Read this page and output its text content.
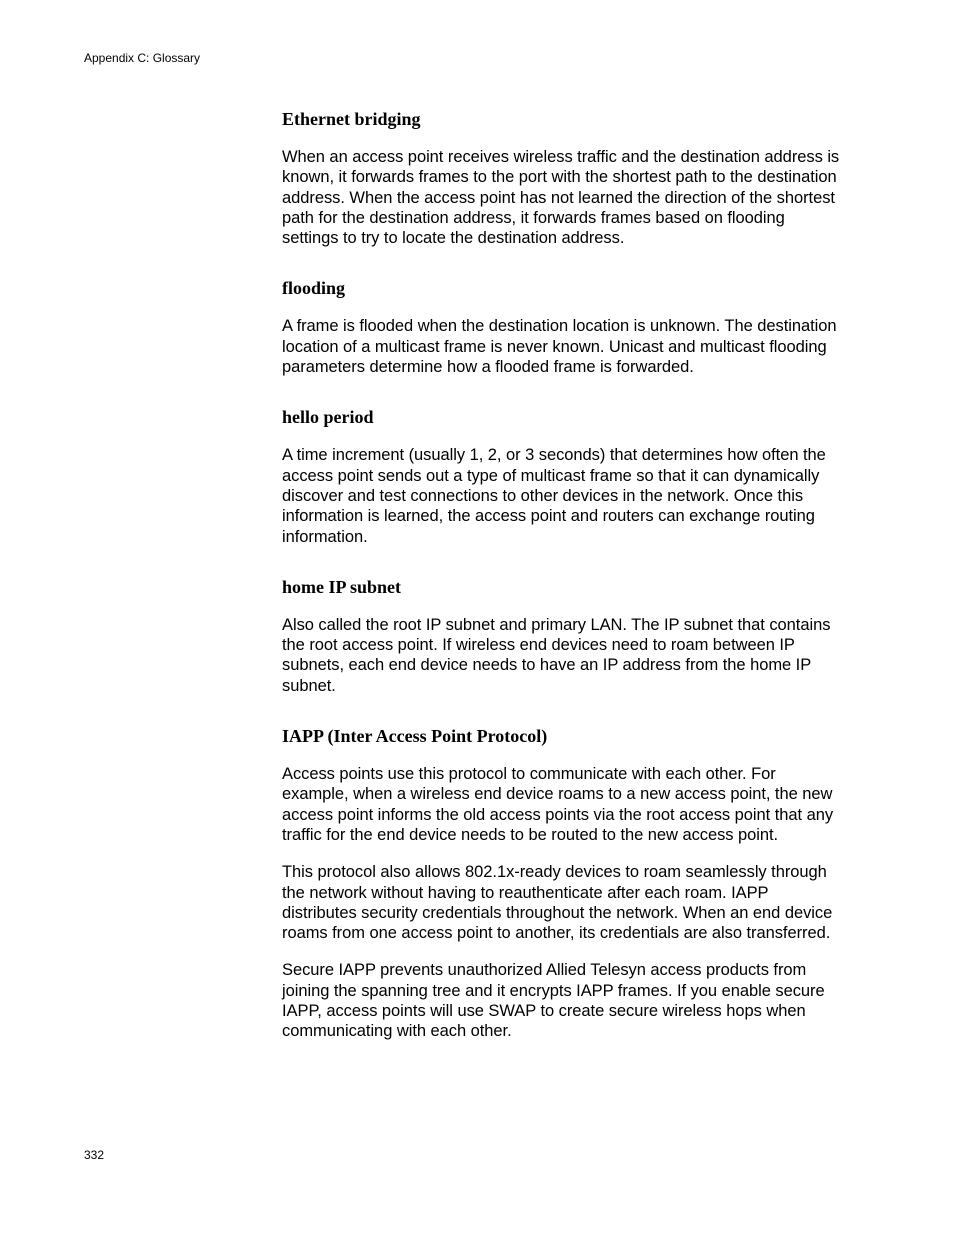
Appendix C: Glossary

Ethernet bridging

When an access point receives wireless traffic and the destination address is known, it forwards frames to the port with the shortest path to the destination address. When the access point has not learned the direction of the shortest path for the destination address, it forwards frames based on flooding settings to try to locate the destination address.

flooding

A frame is flooded when the destination location is unknown. The destination location of a multicast frame is never known. Unicast and multicast flooding parameters determine how a flooded frame is forwarded.

hello period

A time increment (usually 1, 2, or 3 seconds) that determines how often the access point sends out a type of multicast frame so that it can dynamically discover and test connections to other devices in the network. Once this information is learned, the access point and routers can exchange routing information.

home IP subnet

Also called the root IP subnet and primary LAN. The IP subnet that contains the root access point. If wireless end devices need to roam between IP subnets, each end device needs to have an IP address from the home IP subnet.

IAPP (Inter Access Point Protocol)

Access points use this protocol to communicate with each other. For example, when a wireless end device roams to a new access point, the new access point informs the old access points via the root access point that any traffic for the end device needs to be routed to the new access point.

This protocol also allows 802.1x-ready devices to roam seamlessly through the network without having to reauthenticate after each roam. IAPP distributes security credentials throughout the network. When an end device roams from one access point to another, its credentials are also transferred.

Secure IAPP prevents unauthorized Allied Telesyn access products from joining the spanning tree and it encrypts IAPP frames. If you enable secure IAPP, access points will use SWAP to create secure wireless hops when communicating with each other.

332
